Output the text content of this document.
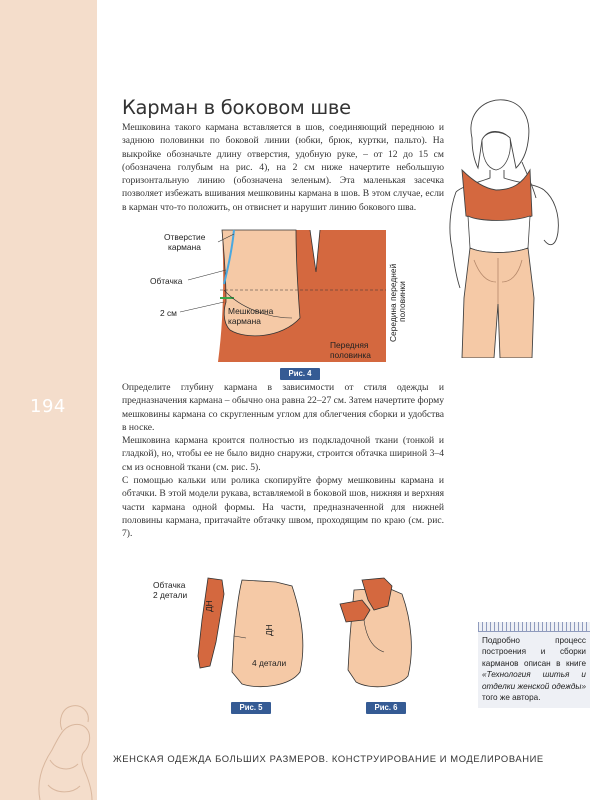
194
Карман в боковом шве

Мешковина такого кармана вставляется в шов, соединяющий переднюю и заднюю половинки по боковой линии (юбки, брюк, куртки, пальто). На выкройке обозначьте длину отверстия, удобную руке, – от 12 до 15 см (обозначена голубым на рис. 4), на 2 см ниже начертите небольшую горизонтальную линию (обозначена зеленым). Эта маленькая засечка позволяет избежать вшивания мешковины кармана в шов. В этом случае, если в карман что-то положить, он отвиснет и нарушит линию бокового шва.

Отверстие
кармана
Обтачка
2 см	Мешковина
кармана
Передняя
половинка
Середина передней половинки
Рис. 4

Определите глубину кармана в зависимости от стиля одежды и предназначения кармана – обычно она равна 22–27 см. Затем начертите форму мешковины кармана со скругленным углом для облегчения сборки и удобства в носке.

Мешковина кармана кроится полностью из подкладочной ткани (тонкой и гладкой), но, чтобы ее не было видно снаружи, строится обтачка шириной 3–4 см из основной ткани (см. рис. 5).

С помощью кальки или ролика скопируйте форму мешковины кармана и обтачки. В этой модели рукава, вставляемой в боковой шов, нижняя и верхняя части кармана одной формы. На части, предназначенной для нижней половины кармана, притачайте обтачку швом, проходящим по краю (см. рис. 7).

Обтачка
2 детали
ДН
ДН
4 детали
Рис. 5	Рис. 6

Подробно процесс построения и сборки карманов описан в книге «Технология шитья и отделки женской одежды» того же автора.

ЖЕНСКАЯ ОДЕЖДА БОЛЬШИХ РАЗМЕРОВ. КОНСТРУИРОВАНИЕ И МОДЕЛИРОВАНИЕ
